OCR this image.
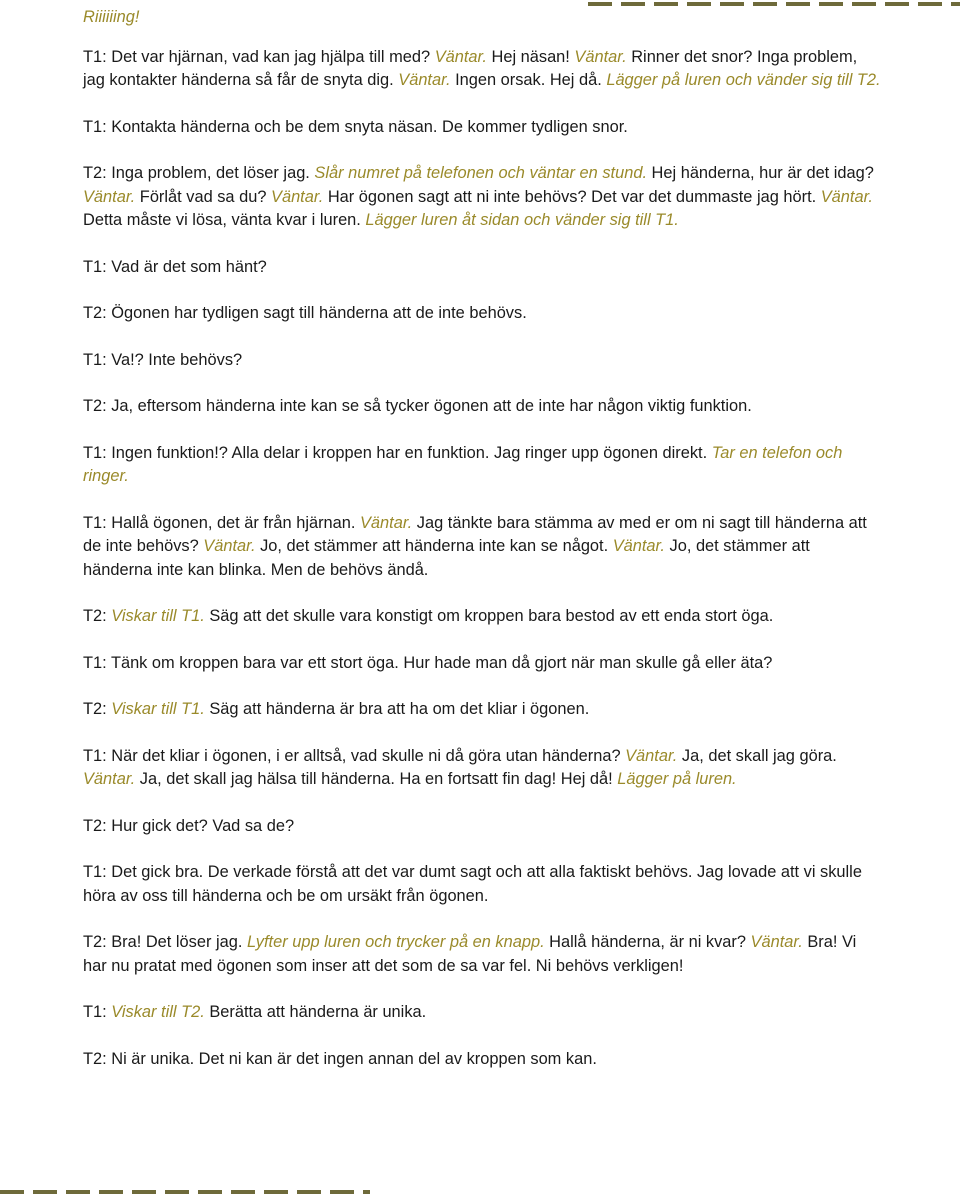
Riiiiiing!

T1: Det var hjärnan, vad kan jag hjälpa till med? Väntar. Hej näsan! Väntar. Rinner det snor? Inga problem, jag kontakter händerna så får de snyta dig. Väntar. Ingen orsak. Hej då. Lägger på luren och vänder sig till T2.

T1: Kontakta händerna och be dem snyta näsan. De kommer tydligen snor.

T2: Inga problem, det löser jag. Slår numret på telefonen och väntar en stund. Hej händerna, hur är det idag? Väntar. Förlåt vad sa du? Väntar. Har ögonen sagt att ni inte behövs? Det var det dummaste jag hört. Väntar. Detta måste vi lösa, vänta kvar i luren. Lägger luren åt sidan och vänder sig till T1.

T1: Vad är det som hänt?

T2: Ögonen har tydligen sagt till händerna att de inte behövs.

T1: Va!? Inte behövs?

T2: Ja, eftersom händerna inte kan se så tycker ögonen att de inte har någon viktig funktion.

T1: Ingen funktion!? Alla delar i kroppen har en funktion. Jag ringer upp ögonen direkt. Tar en telefon och ringer.

T1: Hallå ögonen, det är från hjärnan. Väntar. Jag tänkte bara stämma av med er om ni sagt till händerna att de inte behövs? Väntar. Jo, det stämmer att händerna inte kan se något. Väntar. Jo, det stämmer att händerna inte kan blinka. Men de behövs ändå.

T2: Viskar till T1. Säg att det skulle vara konstigt om kroppen bara bestod av ett enda stort öga.

T1: Tänk om kroppen bara var ett stort öga. Hur hade man då gjort när man skulle gå eller äta?

T2: Viskar till T1. Säg att händerna är bra att ha om det kliar i ögonen.

T1: När det kliar i ögonen, i er alltså, vad skulle ni då göra utan händerna? Väntar. Ja, det skall jag göra. Väntar. Ja, det skall jag hälsa till händerna. Ha en fortsatt fin dag! Hej då! Lägger på luren.

T2: Hur gick det? Vad sa de?

T1: Det gick bra. De verkade förstå att det var dumt sagt och att alla faktiskt behövs. Jag lovade att vi skulle höra av oss till händerna och be om ursäkt från ögonen.

T2: Bra! Det löser jag. Lyfter upp luren och trycker på en knapp. Hallå händerna, är ni kvar? Väntar. Bra! Vi har nu pratat med ögonen som inser att det som de sa var fel. Ni behövs verkligen!

T1: Viskar till T2. Berätta att händerna är unika.

T2: Ni är unika. Det ni kan är det ingen annan del av kroppen som kan.
